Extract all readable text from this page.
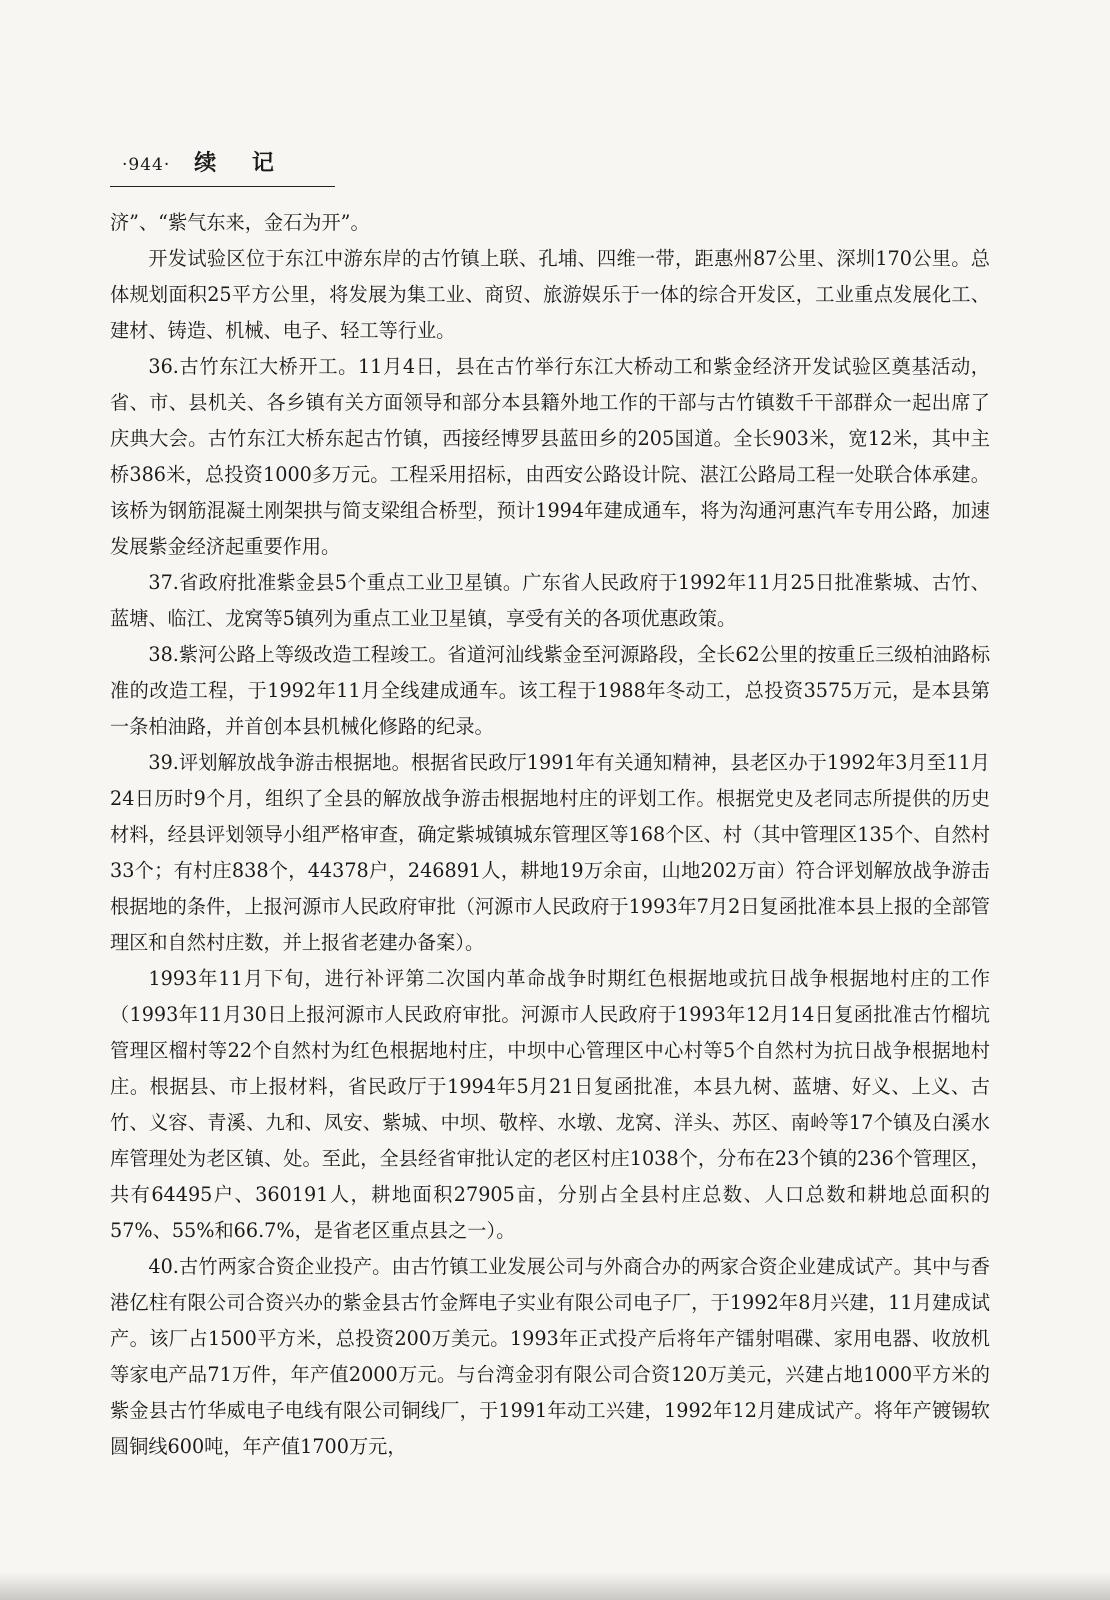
·944· 续 记

济”、“紫气东来，金石为开”。

开发试验区位于东江中游东岸的古竹镇上联、孔埔、四维一带，距惠州87公里、深圳170公里。总体规划面积25平方公里，将发展为集工业、商贸、旅游娱乐于一体的综合开发区，工业重点发展化工、建材、铸造、机械、电子、轻工等行业。

36.古竹东江大桥开工。11月4日，县在古竹举行东江大桥动工和紫金经济开发试验区奠基活动，省、市、县机关、各乡镇有关方面领导和部分本县籍外地工作的干部与古竹镇数千干部群众一起出席了庆典大会。古竹东江大桥东起古竹镇，西接经博罗县蓝田乡的205国道。全长903米，宽12米，其中主桥386米，总投资1000多万元。工程采用招标，由西安公路设计院、湛江公路局工程一处联合体承建。该桥为钢筋混凝土刚架拱与简支梁组合桥型，预计1994年建成通车，将为沟通河惠汽车专用公路，加速发展紫金经济起重要作用。

37.省政府批准紫金县5个重点工业卫星镇。广东省人民政府于1992年11月25日批准紫城、古竹、蓝塘、临江、龙窝等5镇列为重点工业卫星镇，享受有关的各项优惠政策。

38.紫河公路上等级改造工程竣工。省道河汕线紫金至河源路段，全长62公里的按重丘三级柏油路标准的改造工程，于1992年11月全线建成通车。该工程于1988年冬动工，总投资3575万元，是本县第一条柏油路，并首创本县机械化修路的纪录。

39.评划解放战争游击根据地。根据省民政厅1991年有关通知精神，县老区办于1992年3月至11月24日历时9个月，组织了全县的解放战争游击根据地村庄的评划工作。根据党史及老同志所提供的历史材料，经县评划领导小组严格审查，确定紫城镇城东管理区等168个区、村（其中管理区135个、自然村33个；有村庄838个，44378户，246891人，耕地19万余亩，山地202万亩）符合评划解放战争游击根据地的条件，上报河源市人民政府审批（河源市人民政府于1993年7月2日复函批准本县上报的全部管理区和自然村庄数，并上报省老建办备案）。

1993年11月下旬，进行补评第二次国内革命战争时期红色根据地或抗日战争根据地村庄的工作（1993年11月30日上报河源市人民政府审批。河源市人民政府于1993年12月14日复函批准古竹榴坑管理区榴村等22个自然村为红色根据地村庄，中坝中心管理区中心村等5个自然村为抗日战争根据地村庄。根据县、市上报材料，省民政厅于1994年5月21日复函批准，本县九树、蓝塘、好义、上义、古竹、义容、青溪、九和、凤安、紫城、中坝、敬梓、水墩、龙窝、洋头、苏区、南岭等17个镇及白溪水库管理处为老区镇、处。至此，全县经省审批认定的老区村庄1038个，分布在23个镇的236个管理区，共有64495户、360191人，耕地面积27905亩，分别占全县村庄总数、人口总数和耕地总面积的57%、55%和66.7%，是省老区重点县之一）。

40.古竹两家合资企业投产。由古竹镇工业发展公司与外商合办的两家合资企业建成试产。其中与香港亿柱有限公司合资兴办的紫金县古竹金辉电子实业有限公司电子厂，于1992年8月兴建，11月建成试产。该厂占1500平方米，总投资200万美元。1993年正式投产后将年产镭射唱碟、家用电器、收放机等家电产品71万件，年产值2000万元。与台湾金羽有限公司合资120万美元，兴建占地1000平方米的紫金县古竹华威电子电线有限公司铜线厂，于1991年动工兴建，1992年12月建成试产。将年产镀锡软圆铜线600吨，年产值1700万元，
